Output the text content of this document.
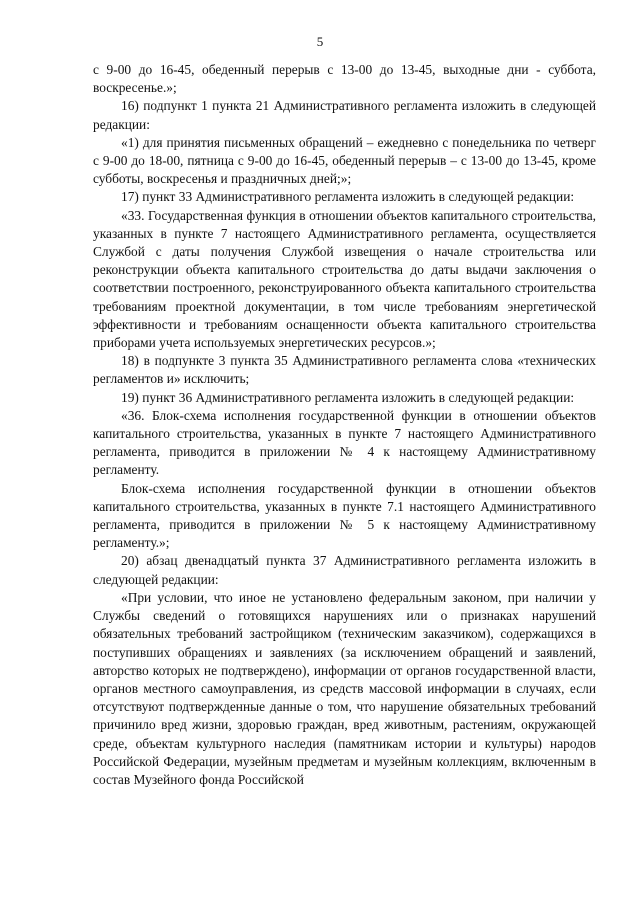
5

с 9-00 до 16-45, обеденный перерыв с 13-00 до 13-45, выходные дни - суббота, воскресенье.»;

16) подпункт 1 пункта 21 Административного регламента изложить в следующей редакции:

«1) для принятия письменных обращений – ежедневно с понедельника по четверг с 9-00 до 18-00, пятница с 9-00 до 16-45, обеденный перерыв – с 13-00 до 13-45, кроме субботы, воскресенья и праздничных дней;»;

17) пункт 33 Административного регламента изложить в следующей редакции:

«33. Государственная функция в отношении объектов капитального строительства, указанных в пункте 7 настоящего Административного регламента, осуществляется Службой с даты получения Службой извещения о начале строительства или реконструкции объекта капитального строительства до даты выдачи заключения о соответствии построенного, реконструированного объекта капитального строительства требованиям проектной документации, в том числе требованиям энергетической эффективности и требованиям оснащенности объекта капитального строительства приборами учета используемых энергетических ресурсов.»;

18) в подпункте 3 пункта 35 Административного регламента слова «технических регламентов и» исключить;

19) пункт 36 Административного регламента изложить в следующей редакции:

«36. Блок-схема исполнения государственной функции в отношении объектов капитального строительства, указанных в пункте 7 настоящего Административного регламента, приводится в приложении № 4 к настоящему Административному регламенту.

Блок-схема исполнения государственной функции в отношении объектов капитального строительства, указанных в пункте 7.1 настоящего Административного регламента, приводится в приложении № 5 к настоящему Административному регламенту.»;

20) абзац двенадцатый пункта 37 Административного регламента изложить в следующей редакции:

«При условии, что иное не установлено федеральным законом, при наличии у Службы сведений о готовящихся нарушениях или о признаках нарушений обязательных требований застройщиком (техническим заказчиком), содержащихся в поступивших обращениях и заявлениях (за исключением обращений и заявлений, авторство которых не подтверждено), информации от органов государственной власти, органов местного самоуправления, из средств массовой информации в случаях, если отсутствуют подтвержденные данные о том, что нарушение обязательных требований причинило вред жизни, здоровью граждан, вред животным, растениям, окружающей среде, объектам культурного наследия (памятникам истории и культуры) народов Российской Федерации, музейным предметам и музейным коллекциям, включенным в состав Музейного фонда Российской
